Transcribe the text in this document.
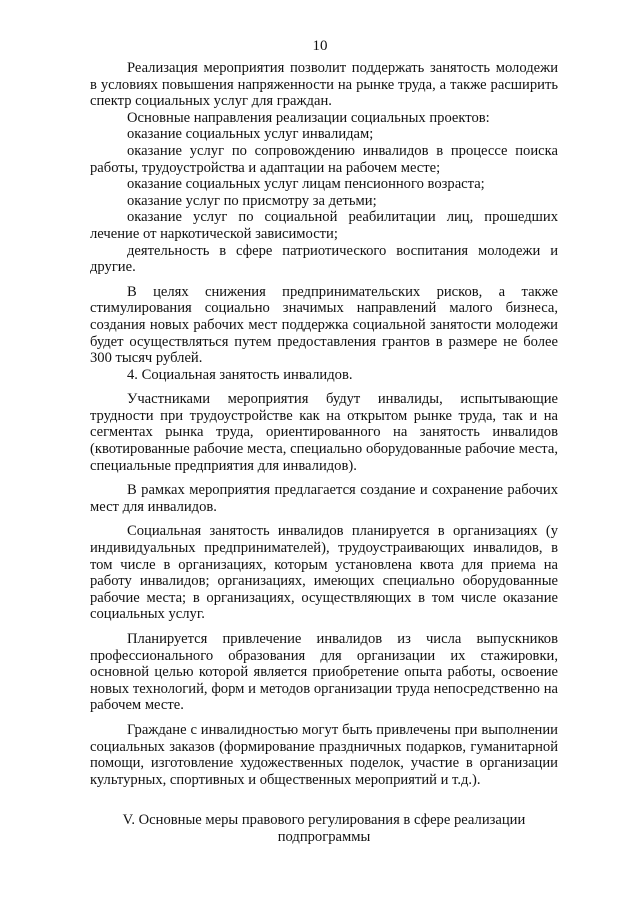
10

Реализация мероприятия позволит поддержать занятость молодежи в условиях повышения напряженности на рынке труда, а также расширить спектр социальных услуг для граждан.

Основные направления реализации социальных проектов:

оказание социальных услуг инвалидам;

оказание услуг по сопровождению инвалидов в процессе поиска работы, трудоустройства и адаптации на рабочем месте;

оказание социальных услуг лицам пенсионного возраста;

оказание услуг по присмотру за детьми;

оказание услуг по социальной реабилитации лиц, прошедших лечение от наркотической зависимости;

деятельность в сфере патриотического воспитания молодежи и другие.

В целях снижения предпринимательских рисков, а также стимулирования социально значимых направлений малого бизнеса, создания новых рабочих мест поддержка социальной занятости молодежи будет осуществляться путем предоставления грантов в размере не более 300 тысяч рублей.

4. Социальная занятость инвалидов.

Участниками мероприятия будут инвалиды, испытывающие трудности при трудоустройстве как на открытом рынке труда, так и на сегментах рынка труда, ориентированного на занятость инвалидов (квотированные рабочие места, специально оборудованные рабочие места, специальные предприятия для инвалидов).

В рамках мероприятия предлагается создание и сохранение рабочих мест для инвалидов.

Социальная занятость инвалидов планируется в организациях (у индивидуальных предпринимателей), трудоустраивающих инвалидов, в том числе в организациях, которым установлена квота для приема на работу инвалидов; организациях, имеющих специально оборудованные рабочие места; в организациях, осуществляющих в том числе оказание социальных услуг.

Планируется привлечение инвалидов из числа выпускников профессионального образования для организации их стажировки, основной целью которой является приобретение опыта работы, освоение новых технологий, форм и методов организации труда непосредственно на рабочем месте.

Граждане с инвалидностью могут быть привлечены при выполнении социальных заказов (формирование праздничных подарков, гуманитарной помощи, изготовление художественных поделок, участие в организации культурных, спортивных и общественных мероприятий и т.д.).

V. Основные меры правового регулирования в сфере реализации
подпрограммы
